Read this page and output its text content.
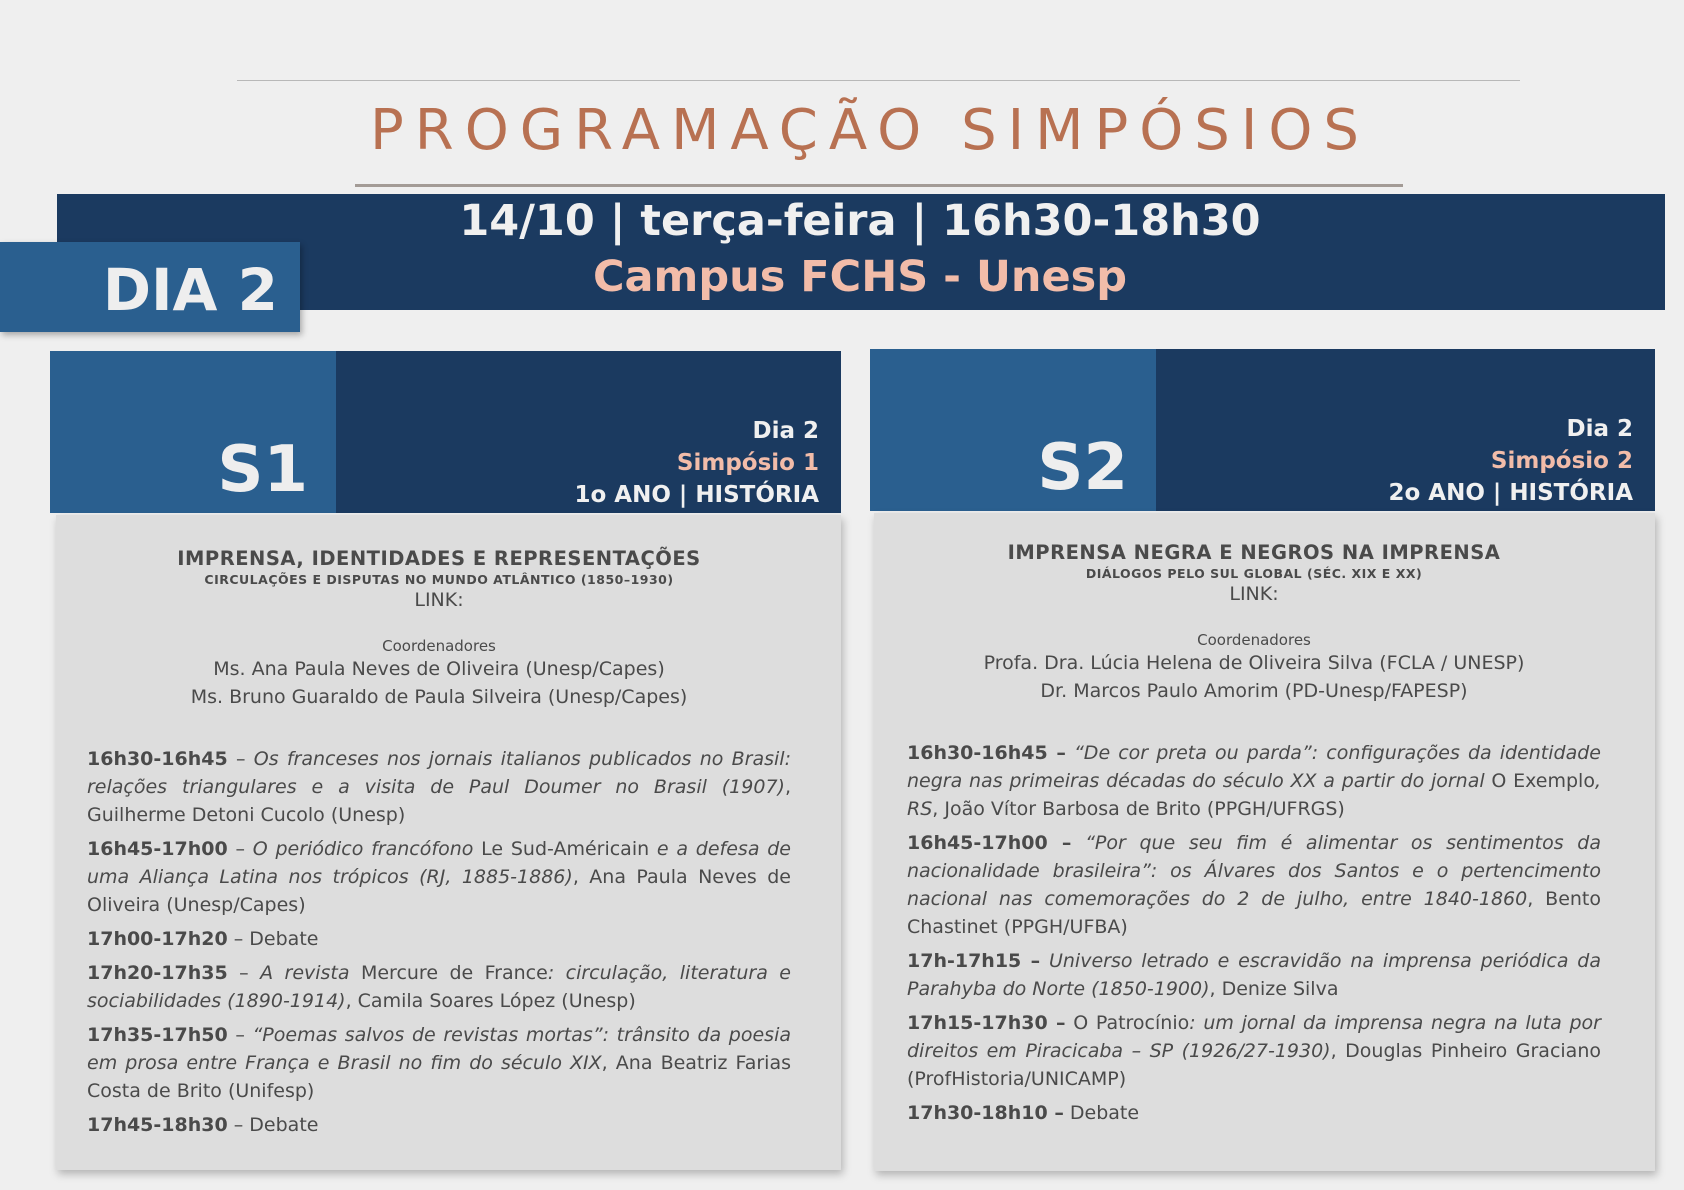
PROGRAMAÇÃO SIMPÓSIOS
14/10 | terça-feira | 16h30-18h30
Campus FCHS - Unesp
DIA 2
S1
Dia 2
Simpósio 1
1o ANO | HISTÓRIA
IMPRENSA, IDENTIDADES E REPRESENTAÇÕES
CIRCULAÇÕES E DISPUTAS NO MUNDO ATLÂNTICO (1850–1930)
LINK:
Coordenadores
Ms. Ana Paula Neves de Oliveira (Unesp/Capes)
Ms. Bruno Guaraldo de Paula Silveira (Unesp/Capes)
16h30-16h45 – Os franceses nos jornais italianos publicados no Brasil: relações triangulares e a visita de Paul Doumer no Brasil (1907), Guilherme Detoni Cucolo (Unesp)
16h45-17h00 – O periódico francófono Le Sud-Américain e a defesa de uma Aliança Latina nos trópicos (RJ, 1885-1886), Ana Paula Neves de Oliveira (Unesp/Capes)
17h00-17h20 – Debate
17h20-17h35 – A revista Mercure de France: circulação, literatura e sociabilidades (1890-1914), Camila Soares López (Unesp)
17h35-17h50 – “Poemas salvos de revistas mortas”: trânsito da poesia em prosa entre França e Brasil no fim do século XIX, Ana Beatriz Farias Costa de Brito (Unifesp)
17h45-18h30 – Debate
S2
Dia 2
Simpósio 2
2o ANO | HISTÓRIA
IMPRENSA NEGRA E NEGROS NA IMPRENSA
DIÁLOGOS PELO SUL GLOBAL (SÉC. XIX E XX)
LINK:
Coordenadores
Profa. Dra. Lúcia Helena de Oliveira Silva (FCLA / UNESP)
Dr. Marcos Paulo Amorim (PD-Unesp/FAPESP)
16h30-16h45 – “De cor preta ou parda”: configurações da identidade negra nas primeiras décadas do século XX a partir do jornal O Exemplo, RS, João Vítor Barbosa de Brito (PPGH/UFRGS)
16h45-17h00 – “Por que seu fim é alimentar os sentimentos da nacionalidade brasileira”: os Álvares dos Santos e o pertencimento nacional nas comemorações do 2 de julho, entre 1840-1860, Bento Chastinet (PPGH/UFBA)
17h-17h15 – Universo letrado e escravidão na imprensa periódica da Parahyba do Norte (1850-1900), Denize Silva
17h15-17h30 – O Patrocínio: um jornal da imprensa negra na luta por direitos em Piracicaba – SP (1926/27-1930), Douglas Pinheiro Graciano (ProfHistoria/UNICAMP)
17h30-18h10 – Debate
